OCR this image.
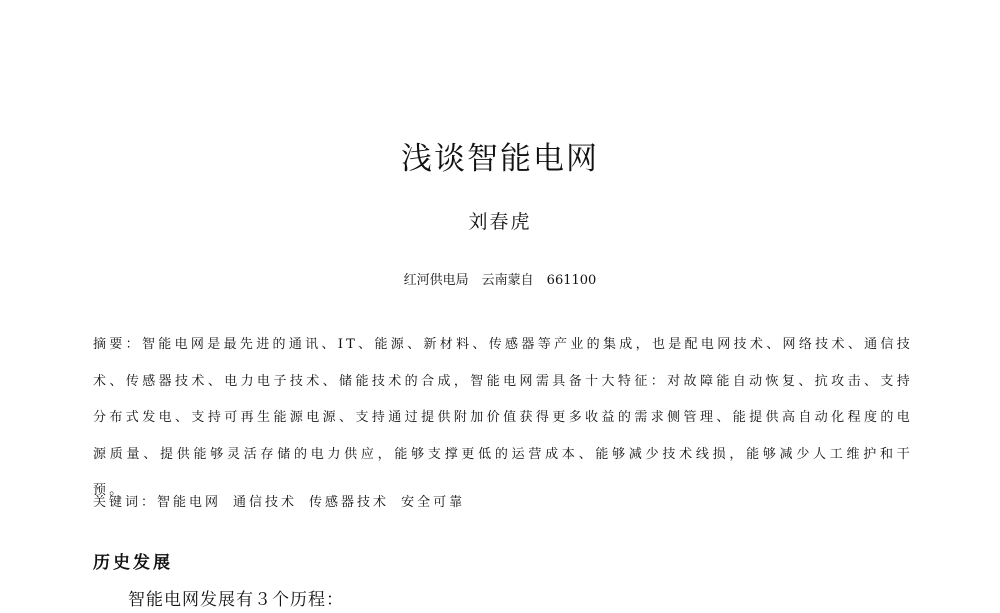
浅谈智能电网

刘春虎

红河供电局　云南蒙自　661100

摘要：智能电网是最先进的通讯、IT、能源、新材料、传感器等产业的集成，也是配电网技术、网络技术、通信技术、传感器技术、电力电子技术、储能技术的合成，智能电网需具备十大特征：对故障能自动恢复、抗攻击、支持分布式发电、支持可再生能源电源、支持通过提供附加价值获得更多收益的需求侧管理、能提供高自动化程度的电源质量、提供能够灵活存储的电力供应，能够支撑更低的运营成本、能够减少技术线损，能够减少人工维护和干预。

关键词：智能电网 通信技术 传感器技术 安全可靠

历史发展

智能电网发展有３个历程：
